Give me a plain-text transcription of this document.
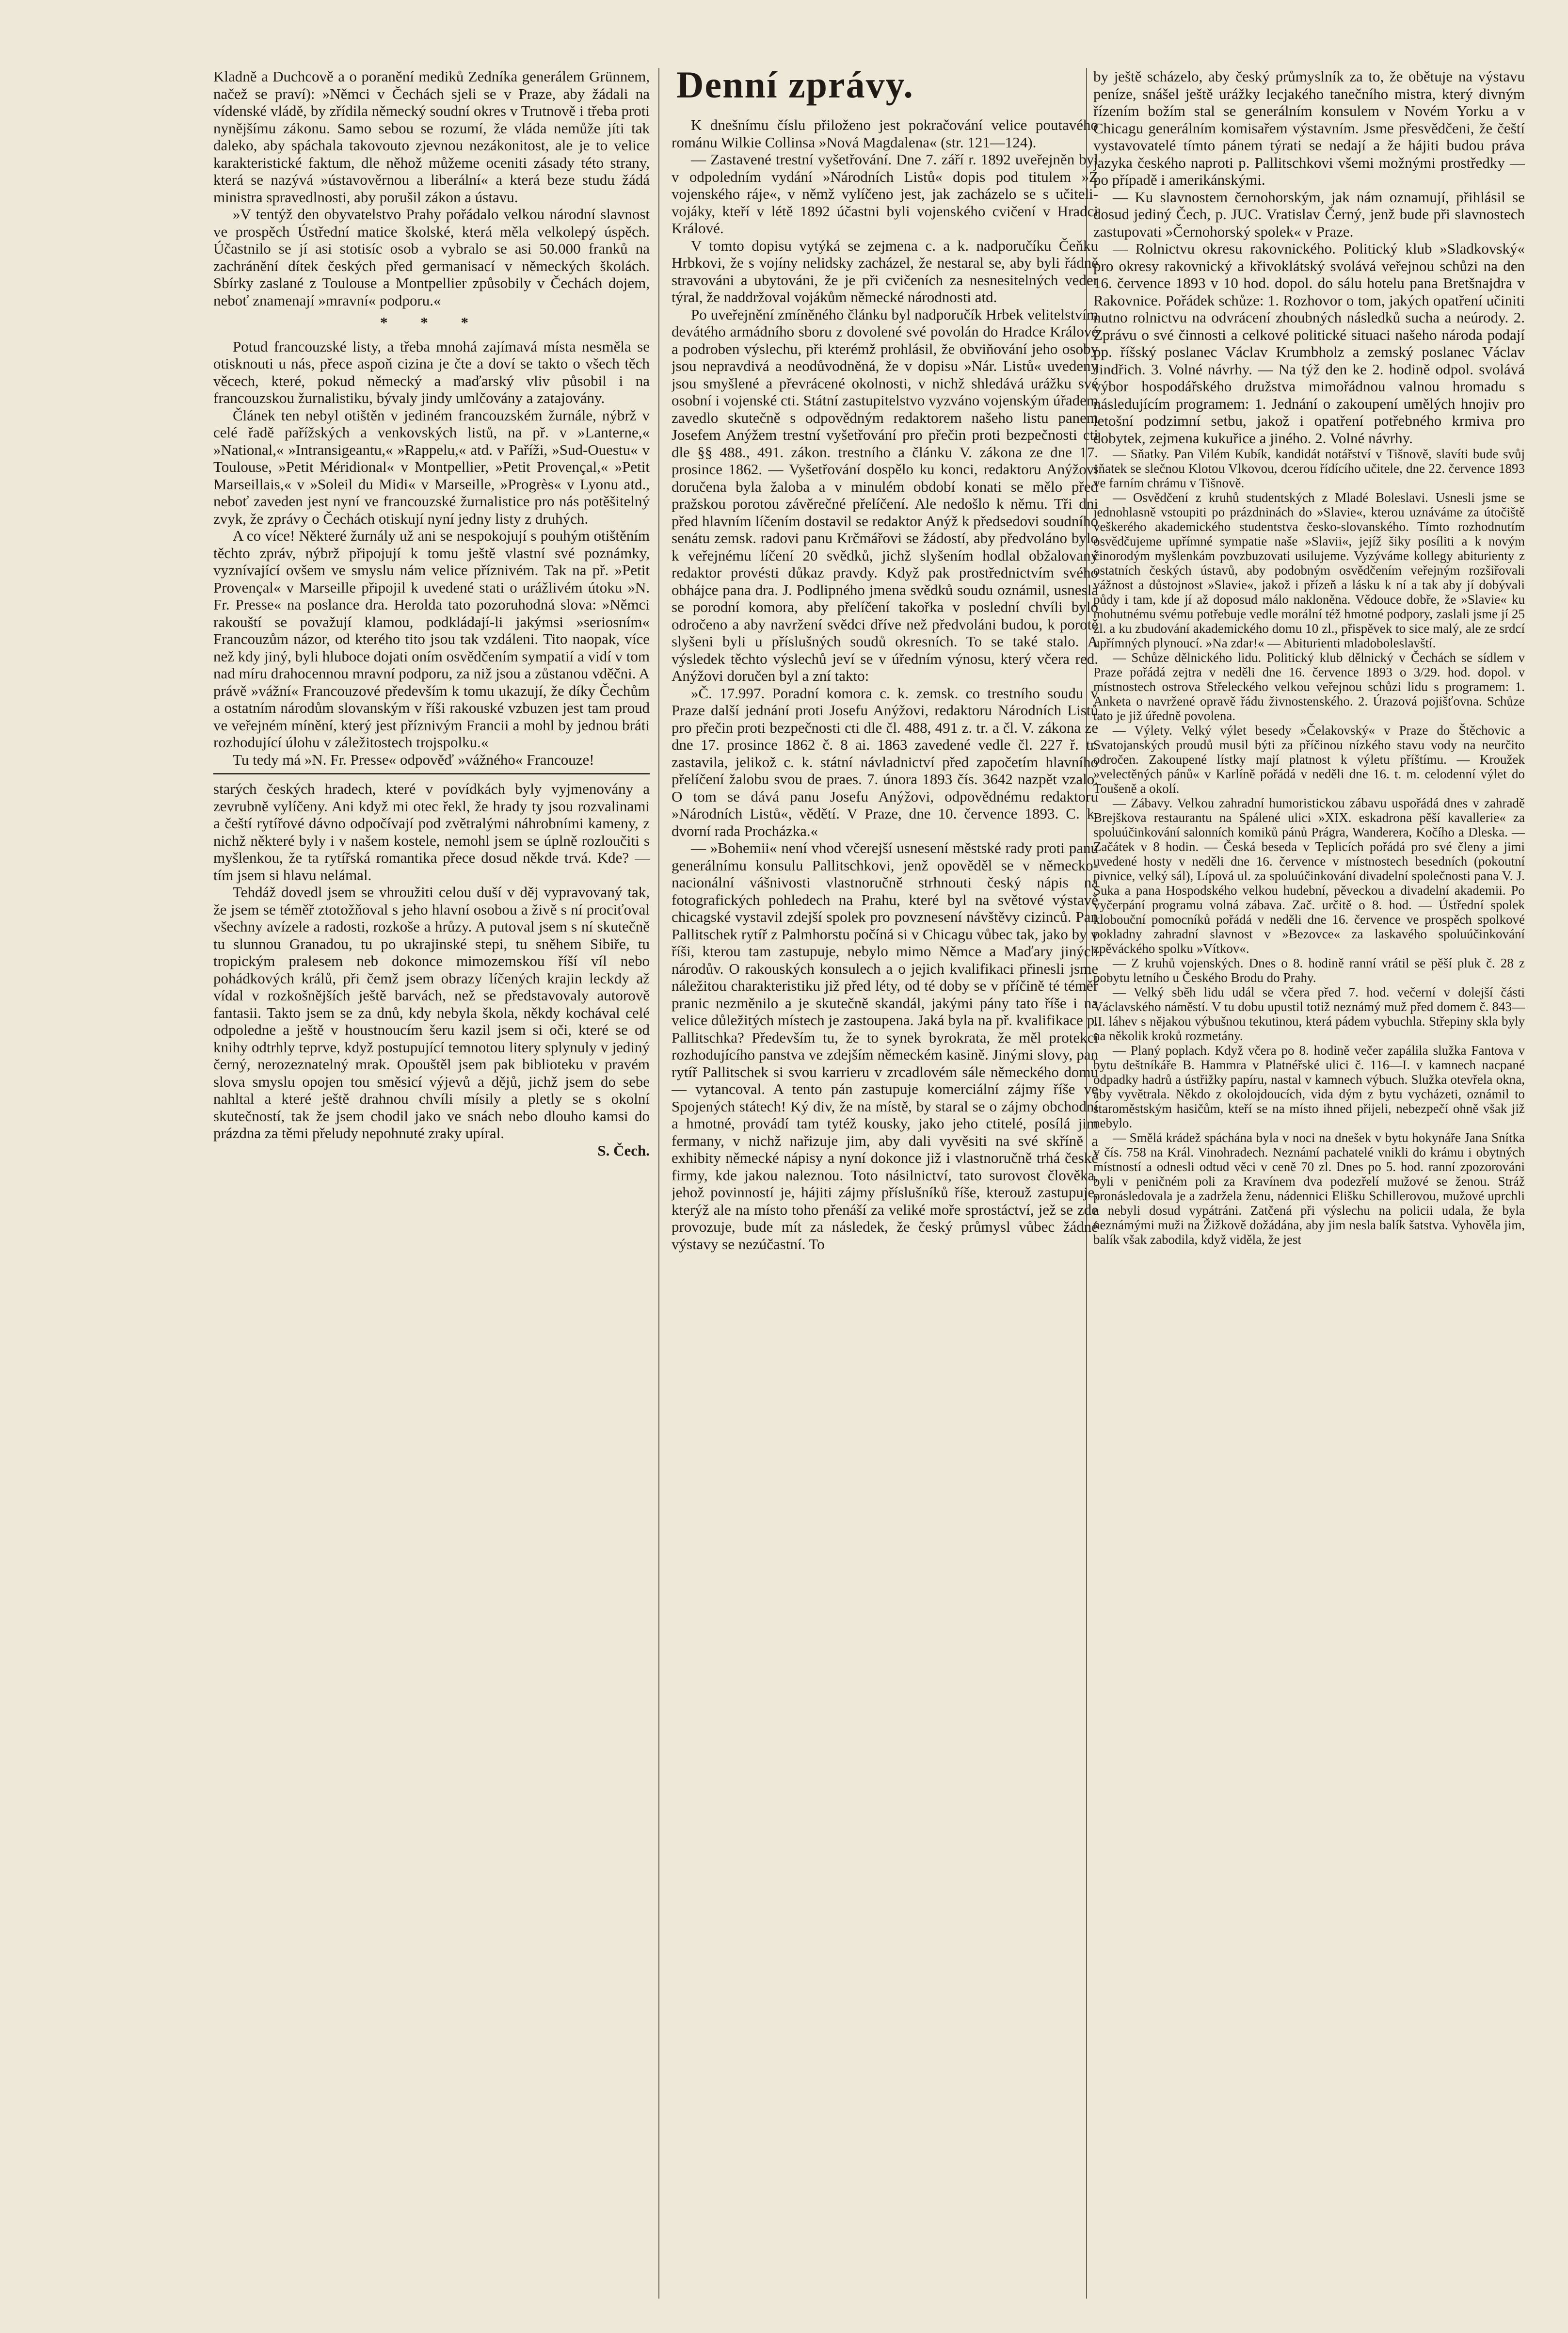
Denní zprávy.

Kladně a Duchcově a o poranění mediků Zedníka generálem Grünnem, načež se praví): »Němci v Čechách sjeli se v Praze, aby žádali na vídenské vládě, by zřídila německý soudní okres v Trutnově i třeba proti nynějšímu zákonu. Samo sebou se rozumí, že vláda nemůže jíti tak daleko, aby spáchala takovouto zjevnou nezákonitost, ale je to velice karakteristické faktum, dle něhož můžeme oceniti zásady této strany, která se nazývá »ústavověrnou a liberální« a která beze studu žádá ministra spravedlnosti, aby porušil zákon a ústavu.

»V tentýž den obyvatelstvo Prahy pořádalo velkou národní slavnost ve prospěch Ústřední matice školské, která měla velkolepý úspěch. Účastnilo se jí asi stotisíc osob a vybralo se asi 50.000 franků na zachránění dítek českých před germanisací v německých školách. Sbírky zaslané z Toulouse a Montpellier způsobily v Čechách dojem, neboť znamenají »mravní« podporu.«

* * *

Potud francouzské listy, a třeba mnohá zajímavá místa nesměla se otisknouti u nás, přece aspoň cizina je čte a doví se takto o všech těch věcech, které, pokud německý a maďarský vliv působil i na francouzskou žurnalistiku, bývaly jindy umlčovány a zatajovány.

Článek ten nebyl otištěn v jediném francouzském žurnále, nýbrž v celé řadě pařížských a venkovských listů, na př. v »Lanterne,« »National,« »Intransigeantu,« »Rappelu,« atd. v Paříži, »Sud-Ouestu« v Toulouse, »Petit Méridional« v Montpellier, »Petit Provençal,« »Petit Marseillais,« v »Soleil du Midi« v Marseille, »Progrès« v Lyonu atd., neboť zaveden jest nyní ve francouzské žurnalistice pro nás potěšitelný zvyk, že zprávy o Čechách otiskují nyní jedny listy z druhých.

A co více! Některé žurnály už ani se nespokojují s pouhým otištěním těchto zpráv, nýbrž připojují k tomu ještě vlastní své poznámky, vyznívající ovšem ve smyslu nám velice příznivém. Tak na př. »Petit Provençal« v Marseille připojil k uvedené stati o urážlivém útoku »N. Fr. Presse« na poslance dra. Herolda tato pozoruhodná slova: »Němci rakouští se považují klamou, podkládají-li jakýmsi »seriosním« Francouzům názor, od kterého tito jsou tak vzdáleni. Tito naopak, více než kdy jiný, byli hluboce dojati oním osvědčením sympatií a vidí v tom nad míru drahocennou mravní podporu, za niž jsou a zůstanou vděčni. A právě »vážní« Francouzové především k tomu ukazují, že díky Čechům a ostatním národům slovanským v říši rakouské vzbuzen jest tam proud ve veřejném mínění, který jest příznivým Francii a mohl by jednou bráti rozhodující úlohu v záležitostech trojspolku.«

Tu tedy má »N. Fr. Presse« odpověď »vážného« Francouze!

starých českých hradech, které v povídkách byly vyjmenovány a zevrubně vylíčeny. Ani když mi otec řekl, že hrady ty jsou rozvalinami a čeští rytířové dávno odpočívají pod zvětralými náhrobními kameny, z nichž některé byly i v našem kostele, nemohl jsem se úplně rozloučiti s myšlenkou, že ta rytířská romantika přece dosud někde trvá. Kde? — tím jsem si hlavu nelámal.

Tehdáž dovedl jsem se vhroužiti celou duší v děj vypravovaný tak, že jsem se téměř ztotožňoval s jeho hlavní osobou a živě s ní prociťoval všechny avízele a radosti, rozkoše a hrůzy. A putoval jsem s ní skutečně tu slunnou Granadou, tu po ukrajinské stepi, tu sněhem Sibiře, tu tropickým pralesem neb dokonce mimozemskou říší víl nebo pohádkových králů, při čemž jsem obrazy líčených krajin leckdy až vídal v rozkošnějších ještě barvách, než se představovaly autorově fantasii. Takto jsem se za dnů, kdy nebyla škola, někdy kochával celé odpoledne a ještě v houstnoucím šeru kazil jsem si oči, které se od knihy odtrhly teprve, když postupující temnotou litery splynuly v jediný černý, nerozeznatelný mrak. Opouštěl jsem pak biblioteku v pravém slova smyslu opojen tou směsicí výjevů a dějů, jichž jsem do sebe nahltal a které ještě drahnou chvíli mísily a pletly se s okolní skutečností, tak že jsem chodil jako ve snách nebo dlouho kamsi do prázdna za těmi přeludy nepohnuté zraky upíral.

S. Čech.

K dnešnímu číslu přiloženo jest pokračování velice poutavého románu Wilkie Collinsa »Nová Magdalena« (str. 121—124).

— Zastavené trestní vyšetřování. Dne 7. září r. 1892 uveřejněn byl v odpoledním vydání »Národních Listů« dopis pod titulem »Z vojenského ráje«, v němž vylíčeno jest, jak zacházelo se s učiteli-vojáky, kteří v létě 1892 účastni byli vojenského cvičení v Hradci Králové.

V tomto dopisu vytýká se zejmena c. a k. nadporučíku Čeňku Hrbkovi, že s vojíny nelidsky zacházel, že nestaral se, aby byli řádně stravováni a ubytováni, že je při cvičeních za nesnesitelných veder týral, že naddržoval vojákům německé národnosti atd.

Po uveřejnění zmíněného článku byl nadporučík Hrbek velitelstvím devátého armádního sboru z dovolené své povolán do Hradce Králové a podroben výslechu, při kterémž prohlásil, že obviňování jeho osoby jsou nepravdivá a neodůvodněná, že v dopisu »Nár. Listů« uvedeny jsou smyšlené a převrácené okolnosti, v nichž shledává urážku své osobní i vojenské cti. Státní zastupitelstvo vyzváno vojenským úřadem zavedlo skutečně s odpovědným redaktorem našeho listu panem Josefem Anýžem trestní vyšetřování pro přečin proti bezpečnosti cti dle §§ 488., 491. zákon. trestního a článku V. zákona ze dne 17. prosince 1862. — Vyšetřování dospělo ku konci, redaktoru Anýžovi doručena byla žaloba a v minulém období konati se mělo před pražskou porotou závěrečné přelíčení. Ale nedošlo k němu. Tři dni před hlavním líčením dostavil se redaktor Anýž k předsedovi soudního senátu zemsk. radovi panu Krčmářovi se žádostí, aby předvoláno bylo k veřejnému líčení 20 svědků, jichž slyšením hodlal obžalovaný redaktor provésti důkaz pravdy. Když pak prostřednictvím svého obhájce pana dra. J. Podlipného jmena svědků soudu oznámil, usnesla se porodní komora, aby přelíčení takořka v poslední chvíli bylo odročeno a aby navržení svědci dříve než předvoláni budou, k porotě slyšeni byli u příslušných soudů okresních. To se také stalo. A výsledek těchto výslechů jeví se v úředním výnosu, který včera red. Anýžovi doručen byl a zní takto:

»Č. 17.997. Poradní komora c. k. zemsk. co trestního soudu v Praze další jednání proti Josefu Anýžovi, redaktoru Národních Listů pro přečin proti bezpečnosti cti dle čl. 488, 491 z. tr. a čl. V. zákona ze dne 17. prosince 1862 č. 8 ai. 1863 zavedené vedle čl. 227 ř. tr. zastavila, jelikož c. k. státní návladnictví před započetím hlavního přelíčení žalobu svou de praes. 7. února 1893 čís. 3642 nazpět vzalo. O tom se dává panu Josefu Anýžovi, odpovědnému redaktoru »Národních Listů«, vědětí. V Praze, dne 10. července 1893. C. k. dvorní rada Procházka.«

— »Bohemii« není vhod včerejší usnesení městské rady proti panu generálnímu konsulu Pallitschkovi, jenž opověděl se v německo-nacionální vášnivosti vlastnoručně strhnouti český nápis na fotografických pohledech na Prahu, které byl na světové výstavě chicagské vystavil zdejší spolek pro povznesení návštěvy cizinců. Pan Pallitschek rytíř z Palmhorstu počíná si v Chicagu vůbec tak, jako by v říši, kterou tam zastupuje, nebylo mimo Němce a Maďary jiných národův. O rakouských konsulech a o jejich kvalifikaci přinesli jsme náležitou charakteristiku již před léty, od té doby se v příčině té téměř pranic nezměnilo a je skutečně skandál, jakými pány tato říše i na velice důležitých místech je zastoupena. Jaká byla na př. kvalifikace p. Pallitschka? Především tu, že to synek byrokrata, že měl protekci rozhodujícího panstva ve zdejším německém kasině. Jinými slovy, pan rytíř Pallitschek si svou karrieru v zrcadlovém sále německého domu — vytancoval. A tento pán zastupuje komerciální zájmy říše ve Spojených státech! Ký div, že na místě, by staral se o zájmy obchodní a hmotné, provádí tam tytéž kousky, jako jeho ctitelé, posílá jim fermany, v nichž nařizuje jim, aby dali vyvěsiti na své skříně a exhibity německé nápisy a nyní dokonce již i vlastnoručně trhá české firmy, kde jakou naleznou. Toto násilnictví, tato surovost člověka, jehož povinností je, hájiti zájmy příslušníků říše, kterouž zastupuje, kterýž ale na místo toho přenáší za veliké moře sprostáctví, jež se zde provozuje, bude mít za následek, že český průmysl vůbec žádné výstavy se nezúčastní. To

by ještě scházelo, aby český průmyslník za to, že obětuje na výstavu peníze, snášel ještě urážky lecjakého tanečního mistra, který divným řízením božím stal se generálním konsulem v Novém Yorku a v Chicagu generálním komisařem výstavním. Jsme přesvědčeni, že čeští vystavovatelé tímto pánem týrati se nedají a že hájiti budou práva jazyka českého naproti p. Pallitschkovi všemi možnými prostředky — po případě i amerikánskými.

— Ku slavnostem černohorským, jak nám oznamují, přihlásil se dosud jediný Čech, p. JUC. Vratislav Černý, jenž bude při slavnostech zastupovati »Černohorský spolek« v Praze.

— Rolnictvu okresu rakovnického. Politický klub »Sladkovský« pro okresy rakovnický a křivoklátský svolává veřejnou schůzi na den 16. července 1893 v 10 hod. dopol. do sálu hotelu pana Bretšnajdra v Rakovnice. Pořádek schůze: 1. Rozhovor o tom, jakých opatření učiniti nutno rolnictvu na odvrácení zhoubných následků sucha a neúrody. 2. Zprávu o své činnosti a celkové politické situaci našeho národa podají pp. říšský poslanec Václav Krumbholz a zemský poslanec Václav Jindřich. 3. Volné návrhy. — Na týž den ke 2. hodině odpol. svolává výbor hospodářského družstva mimořádnou valnou hromadu s následujícím programem: 1. Jednání o zakoupení umělých hnojiv pro letošní podzimní setbu, jakož i opatření potřebného krmiva pro dobytek, zejmena kukuřice a jiného. 2. Volné návrhy.

— Sňatky. Pan Vilém Kubík, kandidát notářství v Tišnově, slavíti bude svůj sňatek se slečnou Klotou Vlkovou, dcerou řídícího učitele, dne 22. července 1893 ve farním chrámu v Tišnově.

— Osvědčení z kruhů studentských z Mladé Boleslavi. Usnesli jsme se jednohlasně vstoupiti po prázdninách do »Slavie«, kterou uznáváme za útočiště veškerého akademického studentstva česko-slovanského. Tímto rozhodnutím osvědčujeme upřímné sympatie naše »Slavii«, jejíž šiky posíliti a k novým činorodým myšlenkám povzbuzovati usilujeme. Vyzýváme kollegy abiturienty z ostatních českých ústavů, aby podobným osvědčením veřejným rozšiřovali vážnost a důstojnost »Slavie«, jakož i přízeň a lásku k ní a tak aby jí dobývali půdy i tam, kde jí až doposud málo nakloněna. Vědouce dobře, že »Slavie« ku mohutnému svému potřebuje vedle morální též hmotné podpory, zaslali jsme jí 25 zl. a ku zbudování akademického domu 10 zl., přispěvek to sice malý, ale ze srdcí upřímných plynoucí. »Na zdar!« — Abiturienti mladoboleslavští.

— Schůze dělnického lidu. Politický klub dělnický v Čechách se sídlem v Praze pořádá zejtra v neděli dne 16. července 1893 o 3/29. hod. dopol. v místnostech ostrova Střeleckého velkou veřejnou schůzi lidu s programem: 1. Anketa o navržené opravě řádu živnostenského. 2. Úrazová pojišťovna. Schůze tato je již úředně povolena.

— Výlety. Velký výlet besedy »Čelakovský« v Praze do Štěchovic a Svatojanských proudů musil býti za příčinou nízkého stavu vody na neurčito odročen. Zakoupené lístky mají platnost k výletu příštímu. — Kroužek »velectěných pánů« v Karlíně pořádá v neděli dne 16. t. m. celodenní výlet do Toušeně a okolí.

— Zábavy. Velkou zahradní humoristickou zábavu uspořádá dnes v zahradě Brejškova restaurantu na Spálené ulici »XIX. eskadrona pěší kavallerie« za spoluúčinkování salonních komiků pánů Prágra, Wanderera, Kočího a Dleska. — Začátek v 8 hodin. — Česká beseda v Teplicích pořádá pro své členy a jimi uvedené hosty v neděli dne 16. července v místnostech besedních (pokoutní pivnice, velký sál), Lípová ul. za spoluúčinkování divadelní společnosti pana V. J. Suka a pana Hospodského velkou hudební, pěveckou a divadelní akademii. Po vyčerpání programu volná zábava. Zač. určitě o 8. hod. — Ústřední spolek klobouční pomocníků pořádá v neděli dne 16. července ve prospěch spolkové pokladny zahradní slavnost v »Bezovce« za laskavého spoluúčinkování zpěváckého spolku »Vítkov«.

— Z kruhů vojenských. Dnes o 8. hodině ranní vrátil se pěší pluk č. 28 z pobytu letního u Českého Brodu do Prahy.

— Velký sběh lidu udál se včera před 7. hod. večerní v dolejší části Václavského náměstí. V tu dobu upustil totiž neznámý muž před domem č. 843—II. láhev s nějakou výbušnou tekutinou, která pádem vybuchla. Střepiny skla byly na několik kroků rozmetány.

— Planý poplach. Když včera po 8. hodině večer zapálila služka Fantova v bytu deštníkáře B. Hammra v Platnéřské ulici č. 116—I. v kamnech nacpané odpadky hadrů a ústřižky papíru, nastal v kamnech výbuch. Služka otevřela okna, aby vyvětrala. Někdo z okolojdoucích, vida dým z bytu vycházeti, oznámil to staroměstským hasičům, kteří se na místo ihned přijeli, nebezpečí ohně však již nebylo.

— Smělá krádež spáchána byla v noci na dnešek v bytu hokynáře Jana Snítka v čís. 758 na Král. Vinohradech. Neznámí pachatelé vnikli do krámu i obytných místností a odnesli odtud věci v ceně 70 zl. Dnes po 5. hod. ranní zpozorováni byli v peničném poli za Kravínem dva podezřelí mužové se ženou. Stráž pronásledovala je a zadržela ženu, nádennici Elišku Schillerovou, mužové uprchli a nebyli dosud vypátráni. Zatčená při výslechu na policii udala, že byla neznámými muži na Žižkově dožádána, aby jim nesla balík šatstva. Vyhověla jim, balík však zabodila, když viděla, že jest
